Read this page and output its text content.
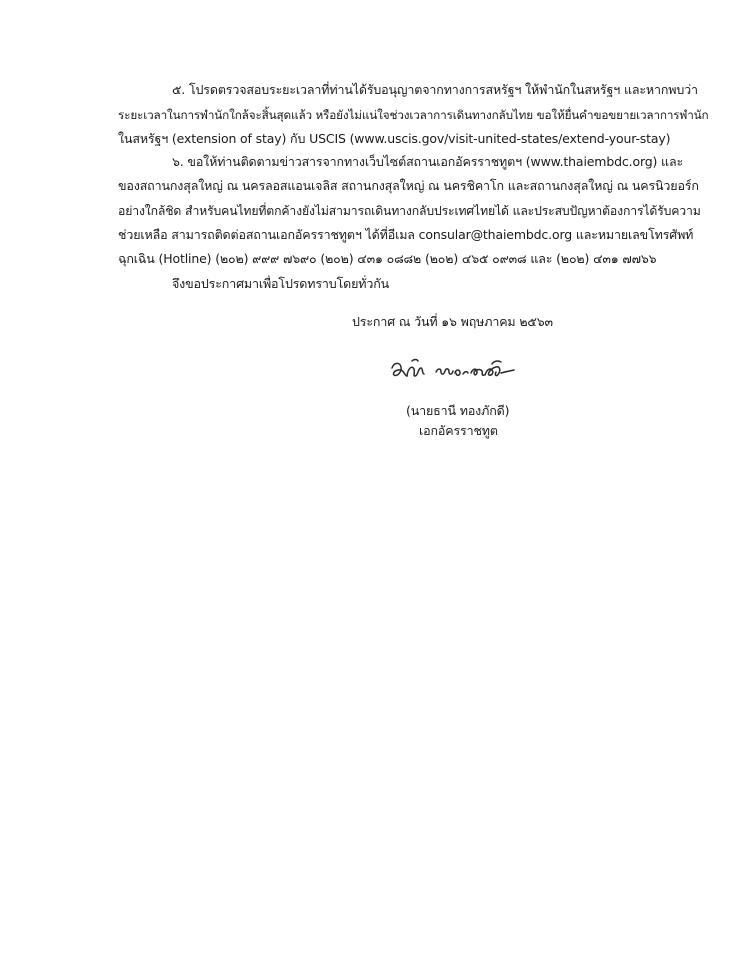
๕. โปรดตรวจสอบระยะเวลาที่ท่านได้รับอนุญาตจากทางการสหรัฐฯ ให้พำนักในสหรัฐฯ และหากพบว่า
ระยะเวลาในการพำนักใกล้จะสิ้นสุดแล้ว หรือยังไม่แน่ใจช่วงเวลาการเดินทางกลับไทย ขอให้ยื่นคำขอขยายเวลาการพำนัก
ในสหรัฐฯ (extension of stay) กับ USCIS (www.uscis.gov/visit-united-states/extend-your-stay)
๖. ขอให้ท่านติดตามข่าวสารจากทางเว็บไซต์สถานเอกอัครราชทูตฯ (www.thaiembdc.org) และ
ของสถานกงสุลใหญ่ ณ นครลอสแอนเจลิส สถานกงสุลใหญ่ ณ นครชิคาโก และสถานกงสุลใหญ่ ณ นครนิวยอร์ก
อย่างใกล้ชิด สำหรับคนไทยที่ตกค้างยังไม่สามารถเดินทางกลับประเทศไทยได้ และประสบปัญหาต้องการได้รับความ
ช่วยเหลือ สามารถติดต่อสถานเอกอัครราชทูตฯ ได้ที่อีเมล consular@thaiembdc.org และหมายเลขโทรศัพท์
ฉุกเฉิน (Hotline) (๒๐๒) ๙๙๙ ๗๖๙๐ (๒๐๒) ๔๓๑ ๐๘๘๒ (๒๐๒) ๔๖๕ ๐๙๓๘ และ (๒๐๒) ๔๓๑ ๗๗๖๖
จึงขอประกาศมาเพื่อโปรดทราบโดยทั่วกัน
ประกาศ ณ วันที่ ๑๖ พฤษภาคม ๒๕๖๓
(นายธานี ทองภักดี)
เอกอัครราชทูต
